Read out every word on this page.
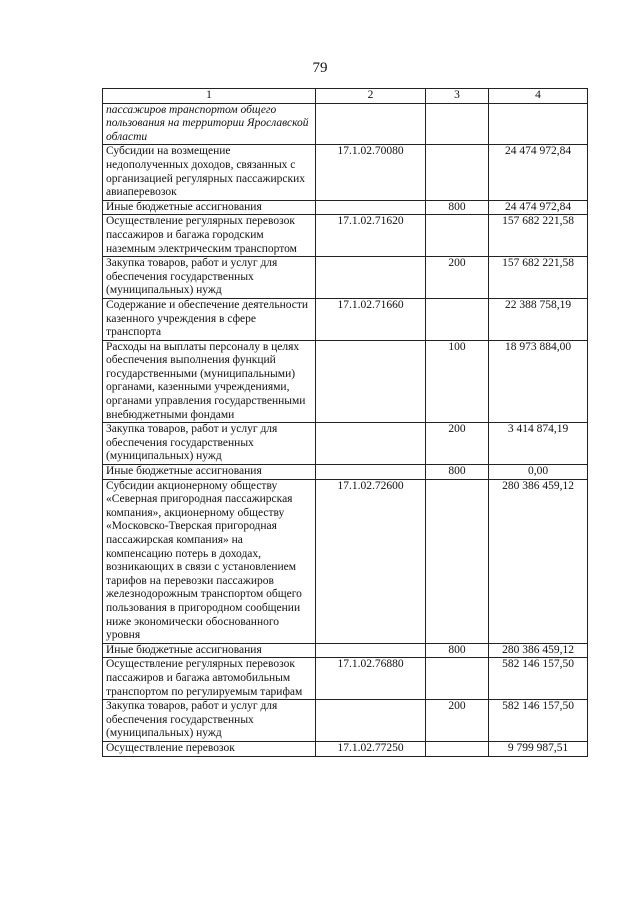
79
1	2	3	4
пассажиров транспортом общего пользования на территории Ярославской области			
Субсидии на возмещение недополученных доходов, связанных с организацией регулярных пассажирских авиаперевозок	17.1.02.70080		24 474 972,84
Иные бюджетные ассигнования		800	24 474 972,84
Осуществление регулярных перевозок пассажиров и багажа городским наземным электрическим транспортом	17.1.02.71620		157 682 221,58
Закупка товаров, работ и услуг для обеспечения государственных (муниципальных) нужд		200	157 682 221,58
Содержание и обеспечение деятельности казенного учреждения в сфере транспорта	17.1.02.71660		22 388 758,19
Расходы на выплаты персоналу в целях обеспечения выполнения функций государственными (муниципальными) органами, казенными учреждениями, органами управления государственными внебюджетными фондами		100	18 973 884,00
Закупка товаров, работ и услуг для обеспечения государственных (муниципальных) нужд		200	3 414 874,19
Иные бюджетные ассигнования		800	0,00
Субсидии акционерному обществу «Северная пригородная пассажирская компания», акционерному обществу «Московско-Тверская пригородная пассажирская компания» на компенсацию потерь в доходах, возникающих в связи с установлением тарифов на перевозки пассажиров железнодорожным транспортом общего пользования в пригородном сообщении ниже экономически обоснованного уровня	17.1.02.72600		280 386 459,12
Иные бюджетные ассигнования		800	280 386 459,12
Осуществление регулярных перевозок пассажиров и багажа автомобильным транспортом по регулируемым тарифам	17.1.02.76880		582 146 157,50
Закупка товаров, работ и услуг для обеспечения государственных (муниципальных) нужд		200	582 146 157,50
Осуществление перевозок	17.1.02.77250		9 799 987,51
